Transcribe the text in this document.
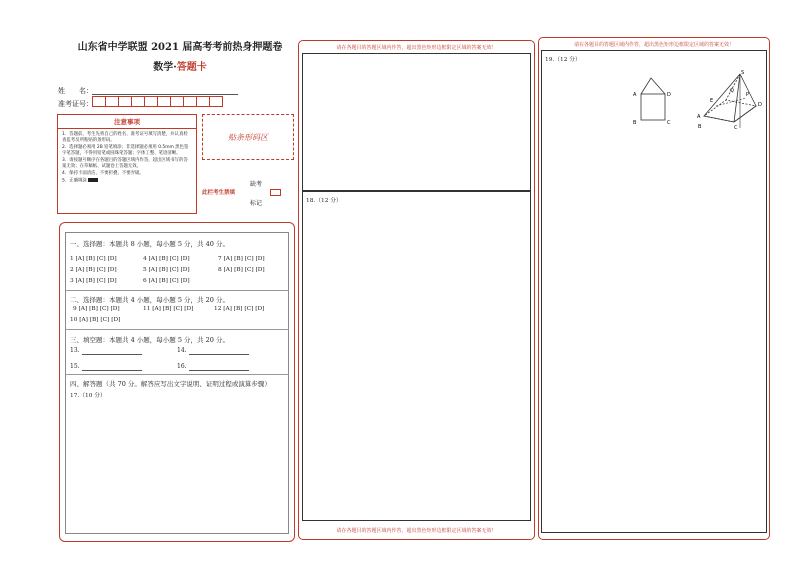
山东省中学联盟 2021 届高考考前热身押题卷
数学·答题卡
姓　　名：
准考证号：
注意事项
1．答题前，考生先将自己的姓名、准考证号填写清楚，并认真检查监考员所粘贴的条形码。
2．选择题必须用 2B 铅笔填涂；非选择题必须用 0.5mm 黑色签字笔答题，不得用铅笔或圆珠笔答题；字体工整、笔迹清晰。
3．请按题号顺序在各题目的答题区域内作答，超出区域书写的答案无效；在草稿纸、试题卷上答题无效。
4．保持卡面清洁，不要折叠、不要弄破。
5．正确填涂
贴条形码区
此栏考生禁填
缺考
标记
一、选择题：本题共 8 小题，每小题 5 分，共 40 分。
1 [A] [B] [C] [D]	4 [A] [B] [C] [D]	7 [A] [B] [C] [D]
2 [A] [B] [C] [D]	5 [A] [B] [C] [D]	8 [A] [B] [C] [D]
3 [A] [B] [C] [D]	6 [A] [B] [C] [D]
二、选择题：本题共 4 小题，每小题 5 分，共 20 分。
9 [A] [B] [C] [D]	11 [A] [B] [C] [D]	12 [A] [B] [C] [D]
10 [A] [B] [C] [D]
三、填空题：本题共 4 小题，每小题 5 分，共 20 分。
13.	14.
15.	16.
四、解答题（共 70 分。解答应写出文字说明、证明过程或演算步骤）
17.（10 分）
请在各题目的答题区域内作答，超出黑色矩形边框限定区域的答案无效！
18.（12 分）
请在各题目的答题区域内作答，超出黑色矩形边框限定区域的答案无效！
请在各题目的答题区域内作答，超出黑色矩形边框限定区域的答案无效！
19.（12 分）
A
B	C
D
S
A
B	C
D
Q
E
P
